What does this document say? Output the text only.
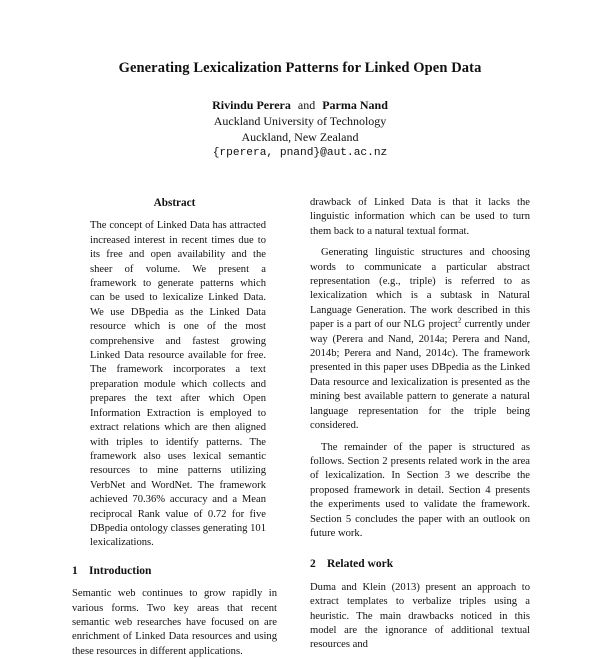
Generating Lexicalization Patterns for Linked Open Data
Rivindu Perera and Parma Nand
Auckland University of Technology
Auckland, New Zealand
{rperera, pnand}@aut.ac.nz
Abstract

The concept of Linked Data has attracted increased interest in recent times due to its free and open availability and the sheer of volume. We present a framework to generate patterns which can be used to lexicalize Linked Data. We use DBpedia as the Linked Data resource which is one of the most comprehensive and fastest growing Linked Data resource available for free. The framework incorporates a text preparation module which collects and prepares the text after which Open Information Extraction is employed to extract relations which are then aligned with triples to identify patterns. The framework also uses lexical semantic resources to mine patterns utilizing VerbNet and WordNet. The framework achieved 70.36% accuracy and a Mean reciprocal Rank value of 0.72 for five DBpedia ontology classes generating 101 lexicalizations.

1 Introduction

Semantic web continues to grow rapidly in various forms. Two key areas that recent semantic web researches have focused on are enrichment of Linked Data resources and using these resources in different applications.

drawback of Linked Data is that it lacks the linguistic information which can be used to turn them back to a natural textual format.

Generating linguistic structures and choosing words to communicate a particular abstract representation (e.g., triple) is referred to as lexicalization which is a subtask in Natural Language Generation. The work described in this paper is a part of our NLG project$^2$ currently under way (Perera and Nand, 2014a; Perera and Nand, 2014b; Perera and Nand, 2014c). The framework presented in this paper uses DBpedia as the Linked Data resource and lexicalization is presented as the mining best available pattern to generate a natural language representation for the triple being considered.

The remainder of the paper is structured as follows. Section 2 presents related work in the area of lexicalization. In Section 3 we describe the proposed framework in detail. Section 4 presents the experiments used to validate the framework. Section 5 concludes the paper with an outlook on future work.

2 Related work

Duma and Klein (2013) present an approach to extract templates to verbalize triples using a heuristic. The main drawbacks noticed in this model are the ignorance of additional textual resources and
